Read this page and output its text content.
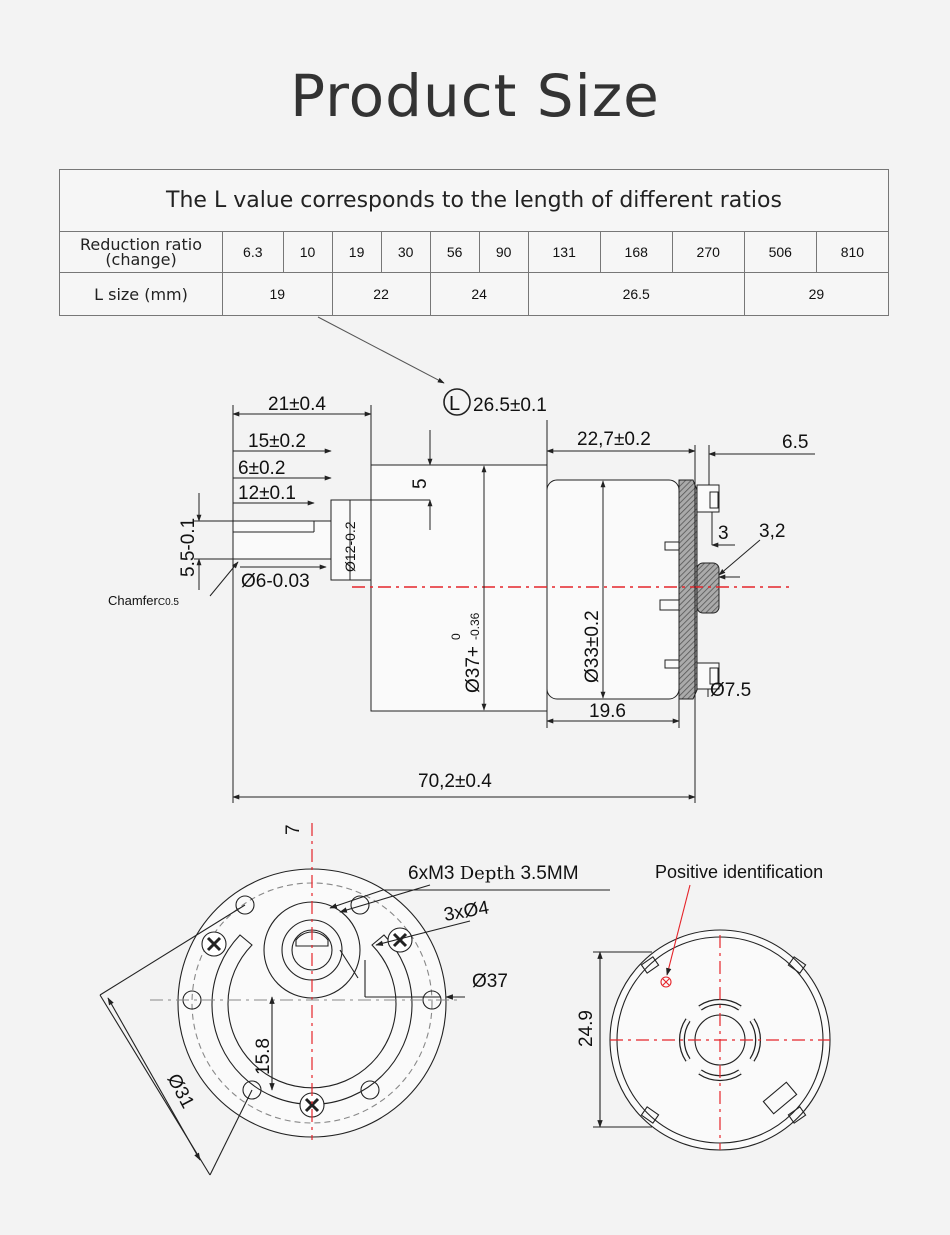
Product Size
The L value corresponds to the length of different ratios											

Reduction ratio
(change)	6.3	10	19	30	56	90	131	168	270	506	810
L size (mm)	19		22		24		26.5			29	
L 26.5±0.1
21±0.4
15±0.2
6±0.2
12±0.1	5
22,7±0.2	6.5
3 3,2
5.5-0.1
Ø6-0.03
Ø12-0.2
Ø37+
0 -0.36	Ø33±0.2
Ø7.5
19.6
70,2±0.4
ChamferC0.5
7
6xM3 Depth 3.5MM
3xØ4
Ø37
15.8
Ø31
Positive identification
24.9
